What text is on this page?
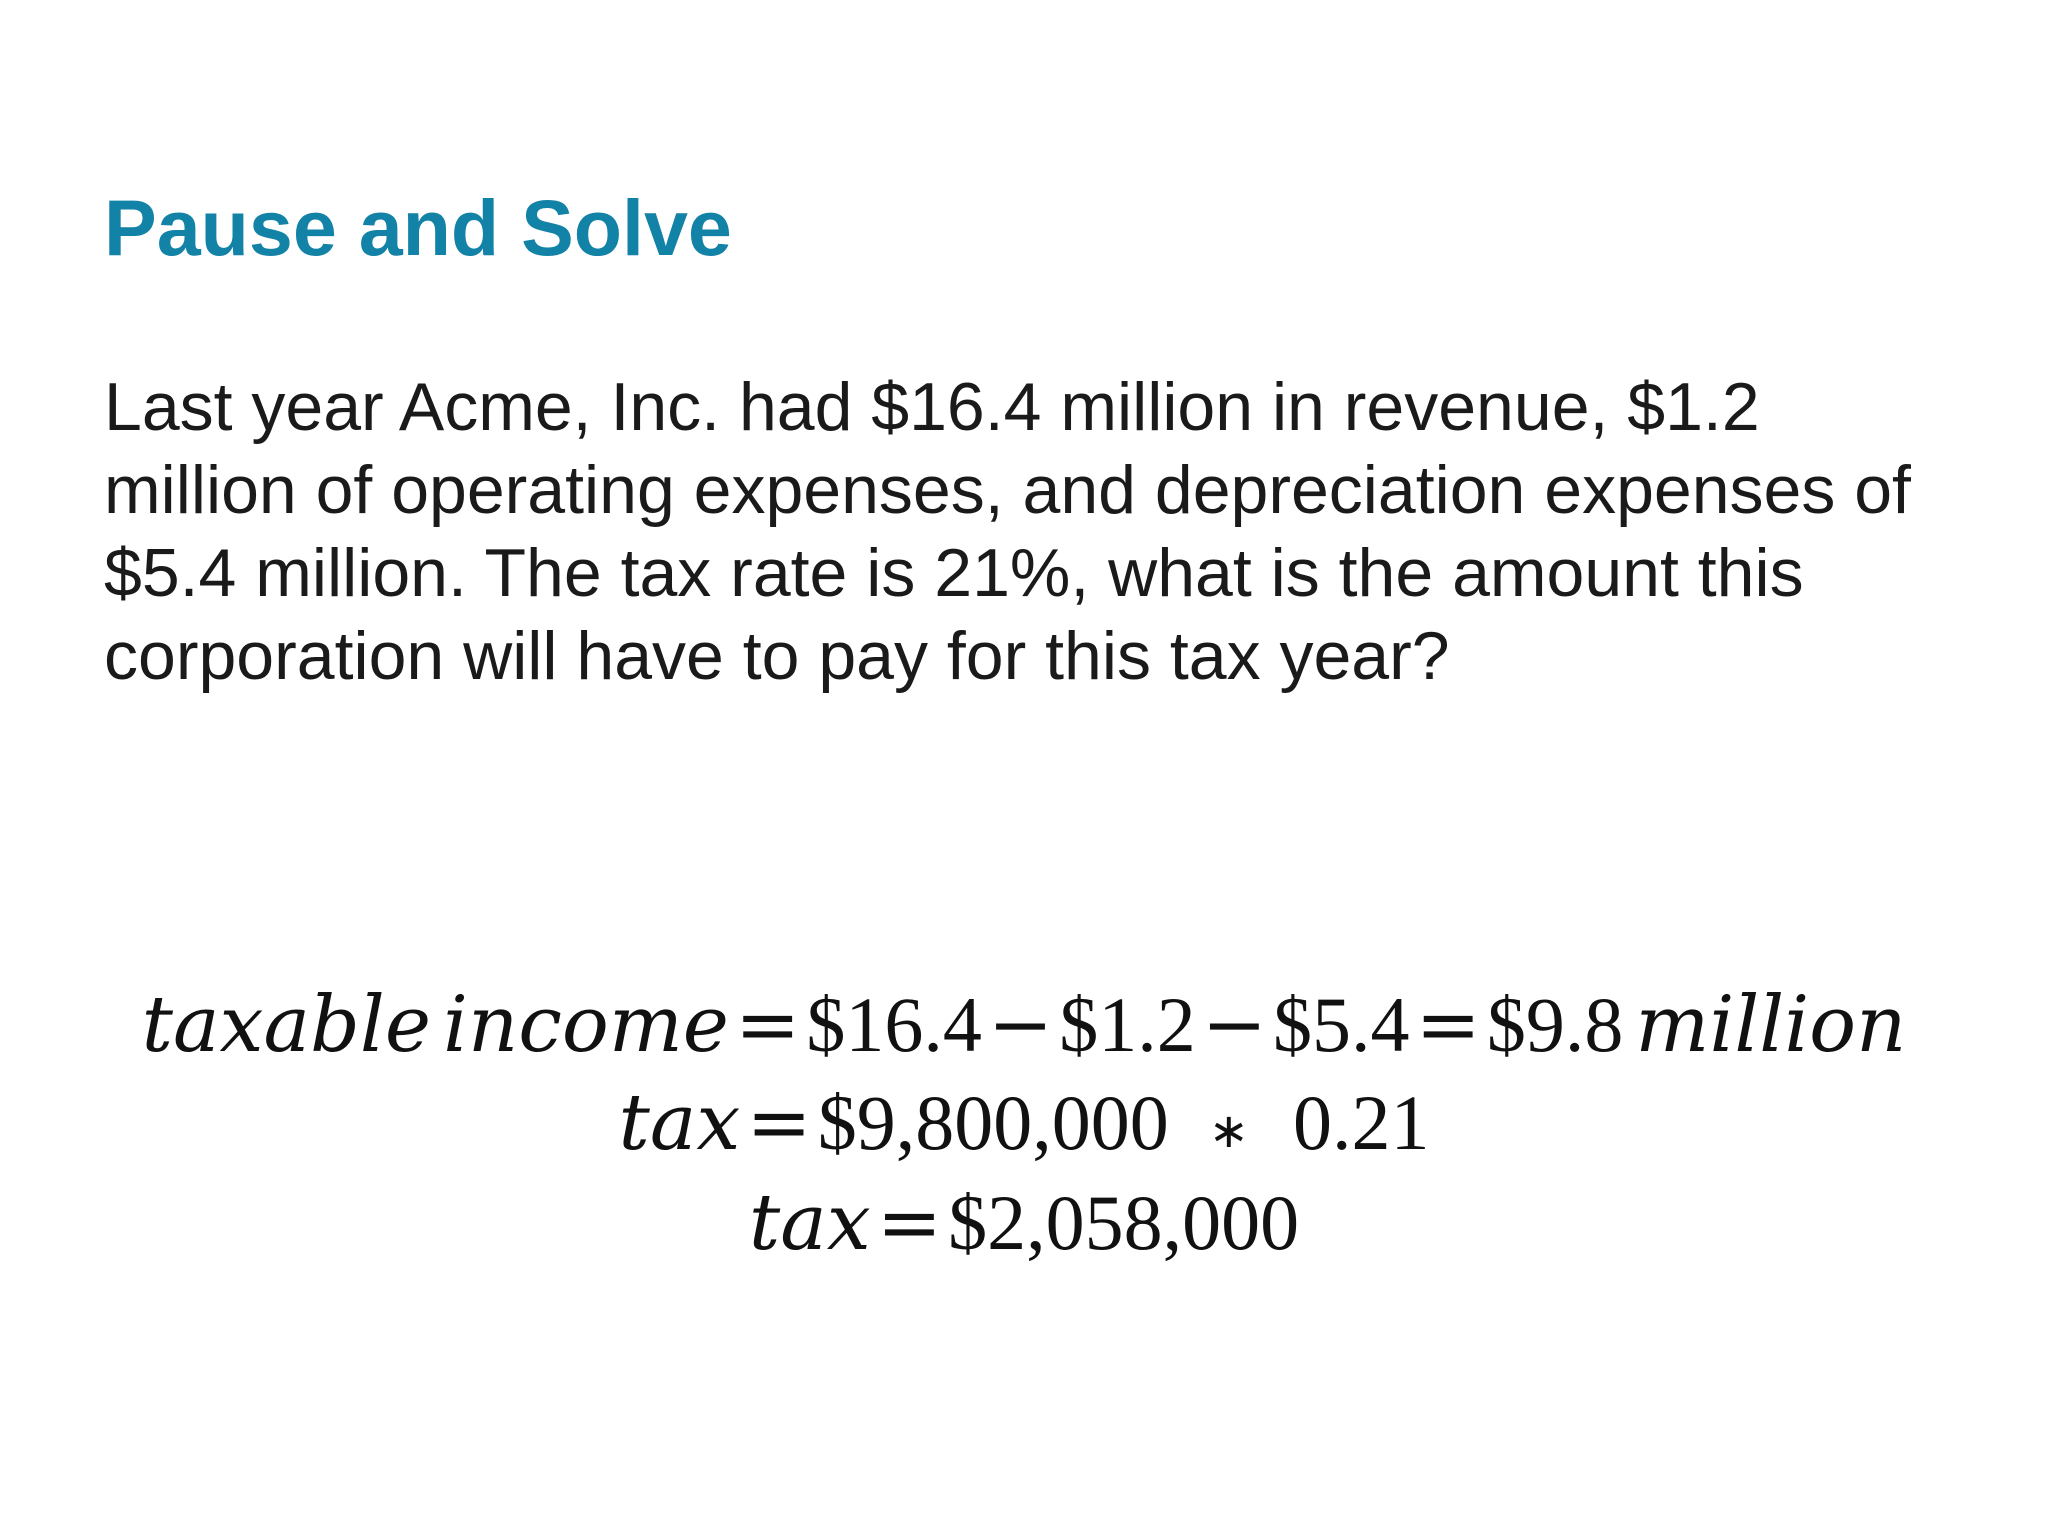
Pause and Solve

Last year Acme, Inc. had $16.4 million in revenue, $1.2 million of operating expenses, and depreciation expenses of $5.4 million. The tax rate is 21%, what is the amount this corporation will have to pay for this tax year?

taxable income=$16.4−$1.2−$5.4=$9.8 million
tax=$9,800,000 ∗ 0.21
tax=$2,058,000
